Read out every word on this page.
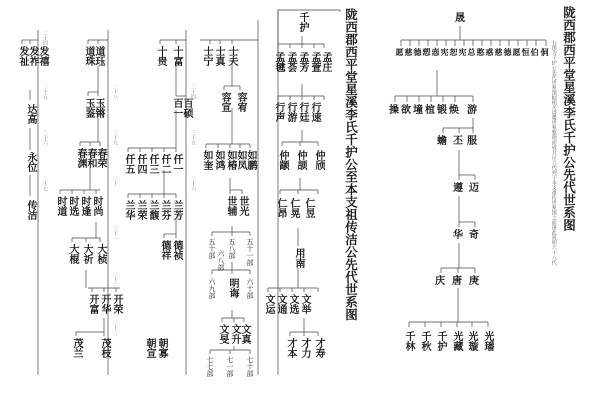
陇西郡西平堂星溪李氏千护公先代世系图
右图为千护公先代世系图据相关谱牒世系整理而成共计六代列于本支祖传世系图之前谨此说明六十八代
晟
愿 慈 德 愬 悫 宪 恕 宪 总 憨 惑 慈 德 愿 恒 伯 侗
操 欲 墥 椬 锻 焕 游
蟾 丕 服
遵 迈
华 奇
庆 唐 庚
千林 千秋 千护 光藏 光璇 光璠
陇西郡西平堂星溪李氏千护公至本支祖传洁公先代世系图
千护
孟毽 孟荟 孟芳 孟萱 孟庄
行声 行游 行廷 行速
仲颛 仲颉 仲颀
仁昂 仁晃 仁昱
用南
文运 文通 文选 文举
才本 才力 才寿
士宁 士真 士夫
容宣 容宥
如奎 如鸿 如椿 如凤 如鹏
世辅 世光
五十部 五八部 五十一部
明诲
六九部	六十部
六八部
文旻 文升 文真
朝宣 朝寡
七七部 七一部 七十部
十贵 十富
百一 百硕
仟五 仟四 仟三 仟二 仟一
兰华 兰荣 兰馥 兰芬 兰芳
德祥 德祯
道珠 道珏
玉鉴 玉锵
春渊 春和 春荣
时道 时选 时逢 时尚
大棍 大祈 大桢
开富 开华 开荣
茂兰 茂枝
发祉 发祚 发禧
达高
永位
传洁
二十四
二十五
二十六
二十七
二十八
二十九
三十
三十一
三十二
三十三
三十四
三十五
三十六
